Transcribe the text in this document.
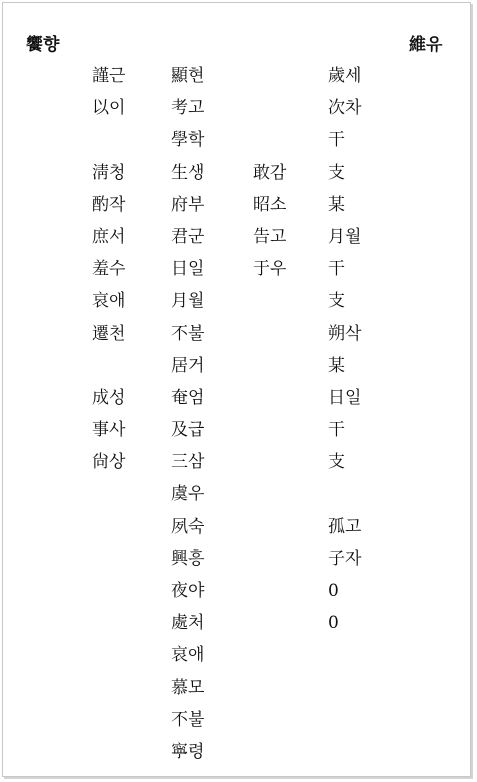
饗향	維유
謹근
以이
淸청
酌작
庶서
羞수
哀애
遷천
成성
事사
尙상
顯현
考고
學학
生생
府부
君군
日일
月월
不불
居거
奄엄
及급
三삼
虞우
夙숙
興흥
夜야
處처
哀애
慕모
不불
寧령
敢감
昭소
告고
于우
歲세
次차
干
支
某
月월
干
支
朔삭
某
日일
干
支
孤고
子자
0
0
